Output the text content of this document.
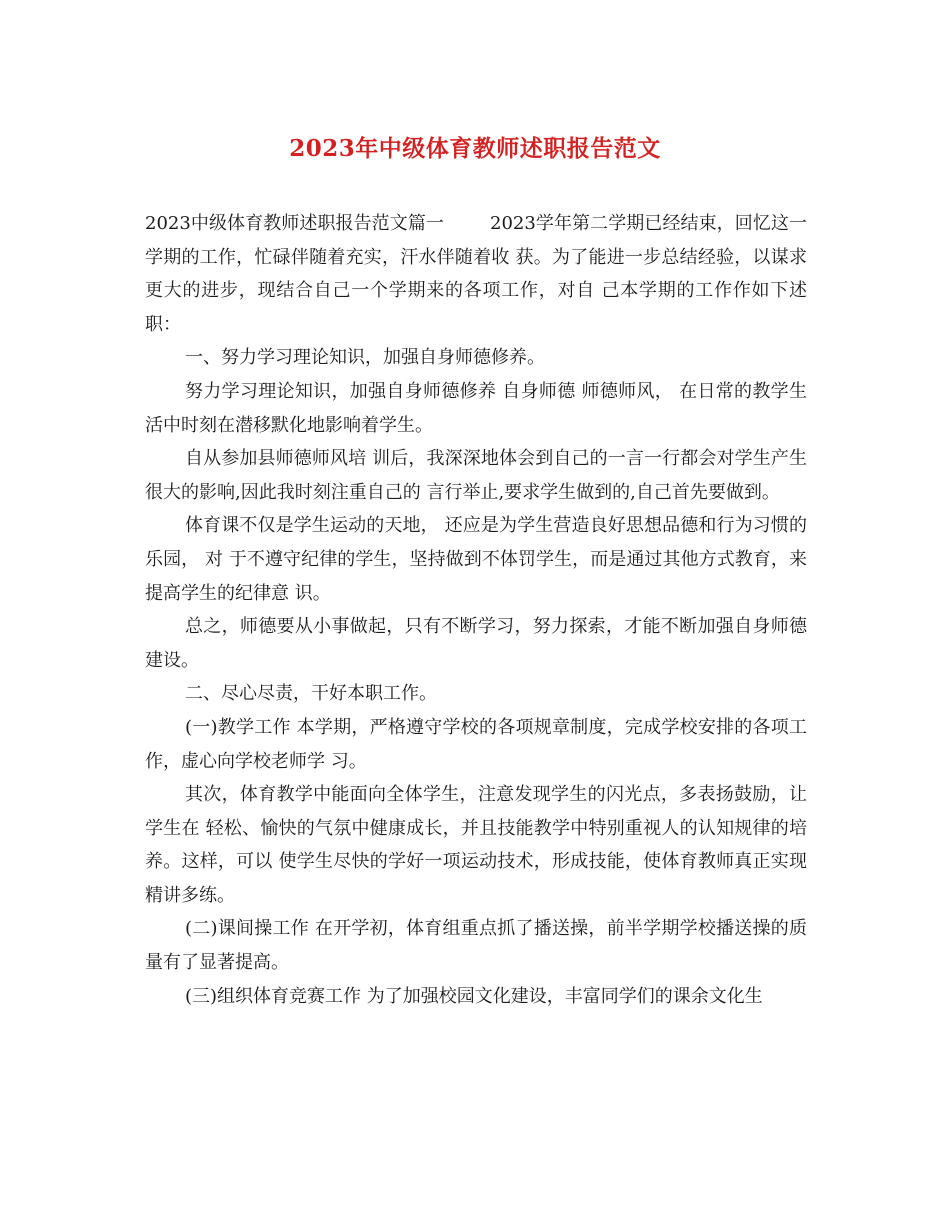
2023年中级体育教师述职报告范文

2023中级体育教师述职报告范文篇一	2023学年第二学期已经结束，回忆这一学期的工作，忙碌伴随着充实，汗水伴随着收 获。为了能进一步总结经验，以谋求更大的进步，现结合自己一个学期来的各项工作，对自 己本学期的工作作如下述职：

一、努力学习理论知识，加强自身师德修养。

努力学习理论知识，加强自身师德修养 自身师德 师德师风， 在日常的教学生活中时刻在潜移默化地影响着学生。

自从参加县师德师风培 训后，我深深地体会到自己的一言一行都会对学生产生很大的影响,因此我时刻注重自己的 言行举止,要求学生做到的,自己首先要做到。

体育课不仅是学生运动的天地， 还应是为学生营造良好思想品德和行为习惯的乐园， 对 于不遵守纪律的学生，坚持做到不体罚学生，而是通过其他方式教育，来提高学生的纪律意 识。

总之，师德要从小事做起，只有不断学习，努力探索，才能不断加强自身师德建设。

二、尽心尽责，干好本职工作。

(一)教学工作 本学期，严格遵守学校的各项规章制度，完成学校安排的各项工作，虚心向学校老师学 习。

其次，体育教学中能面向全体学生，注意发现学生的闪光点，多表扬鼓励，让学生在 轻松、愉快的气氛中健康成长，并且技能教学中特别重视人的认知规律的培养。这样，可以 使学生尽快的学好一项运动技术，形成技能，使体育教师真正实现精讲多练。

(二)课间操工作 在开学初，体育组重点抓了播送操，前半学期学校播送操的质量有了显著提高。

(三)组织体育竞赛工作 为了加强校园文化建设，丰富同学们的课余文化生
